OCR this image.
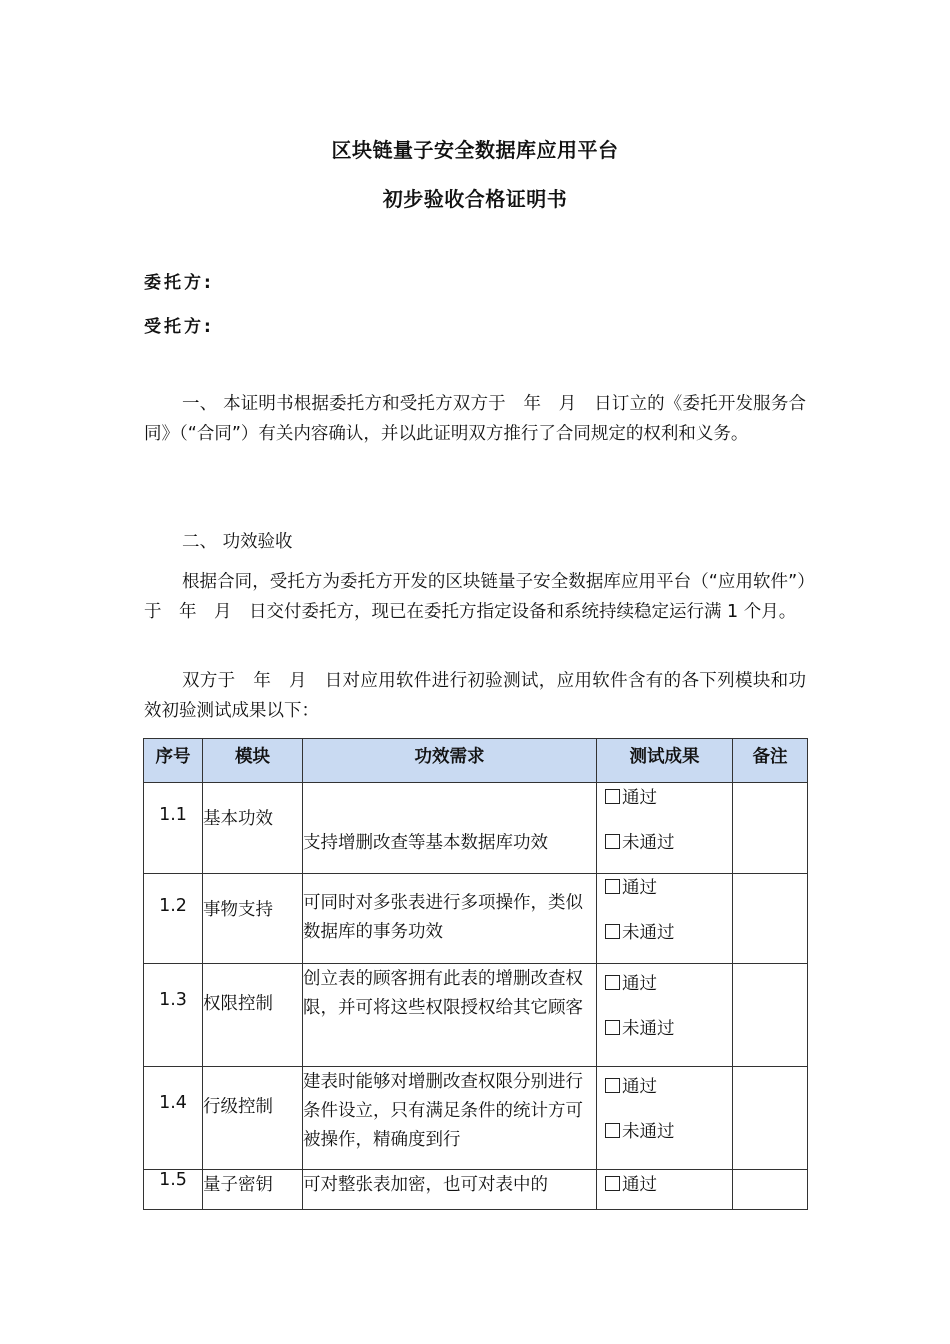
区块链量子安全数据库应用平台
初步验收合格证明书
委托方:
受托方:
一、 本证明书根据委托方和受托方双方于　年　月　日订立的《委托开发服务合同》（“合同”）有关内容确认，并以此证明双方推行了合同规定的权利和义务。
二、 功效验收
根据合同，受托方为委托方开发的区块链量子安全数据库应用平台（“应用软件”）于　年　月　日交付委托方，现已在委托方指定设备和系统持续稳定运行满 1 个月。
双方于　年　月　日对应用软件进行初验测试，应用软件含有的各下列模块和功效初验测试成果以下：
序号	模块	功效需求	测试成果	备注
1.1	基本功效	支持增删改查等基本数据库功效	通过
未通过	

1.2	事物支持	可同时对多张表进行多项操作，类似数据库的事务功效	通过
未通过	

1.3	权限控制	创立表的顾客拥有此表的增删改查权限，并可将这些权限授权给其它顾客	通过
未通过	

1.4	行级控制	建表时能够对增删改查权限分别进行条件设立，只有满足条件的统计方可被操作，精确度到行	通过
未通过	

1.5	量子密钥	可对整张表加密，也可对表中的	通过	
